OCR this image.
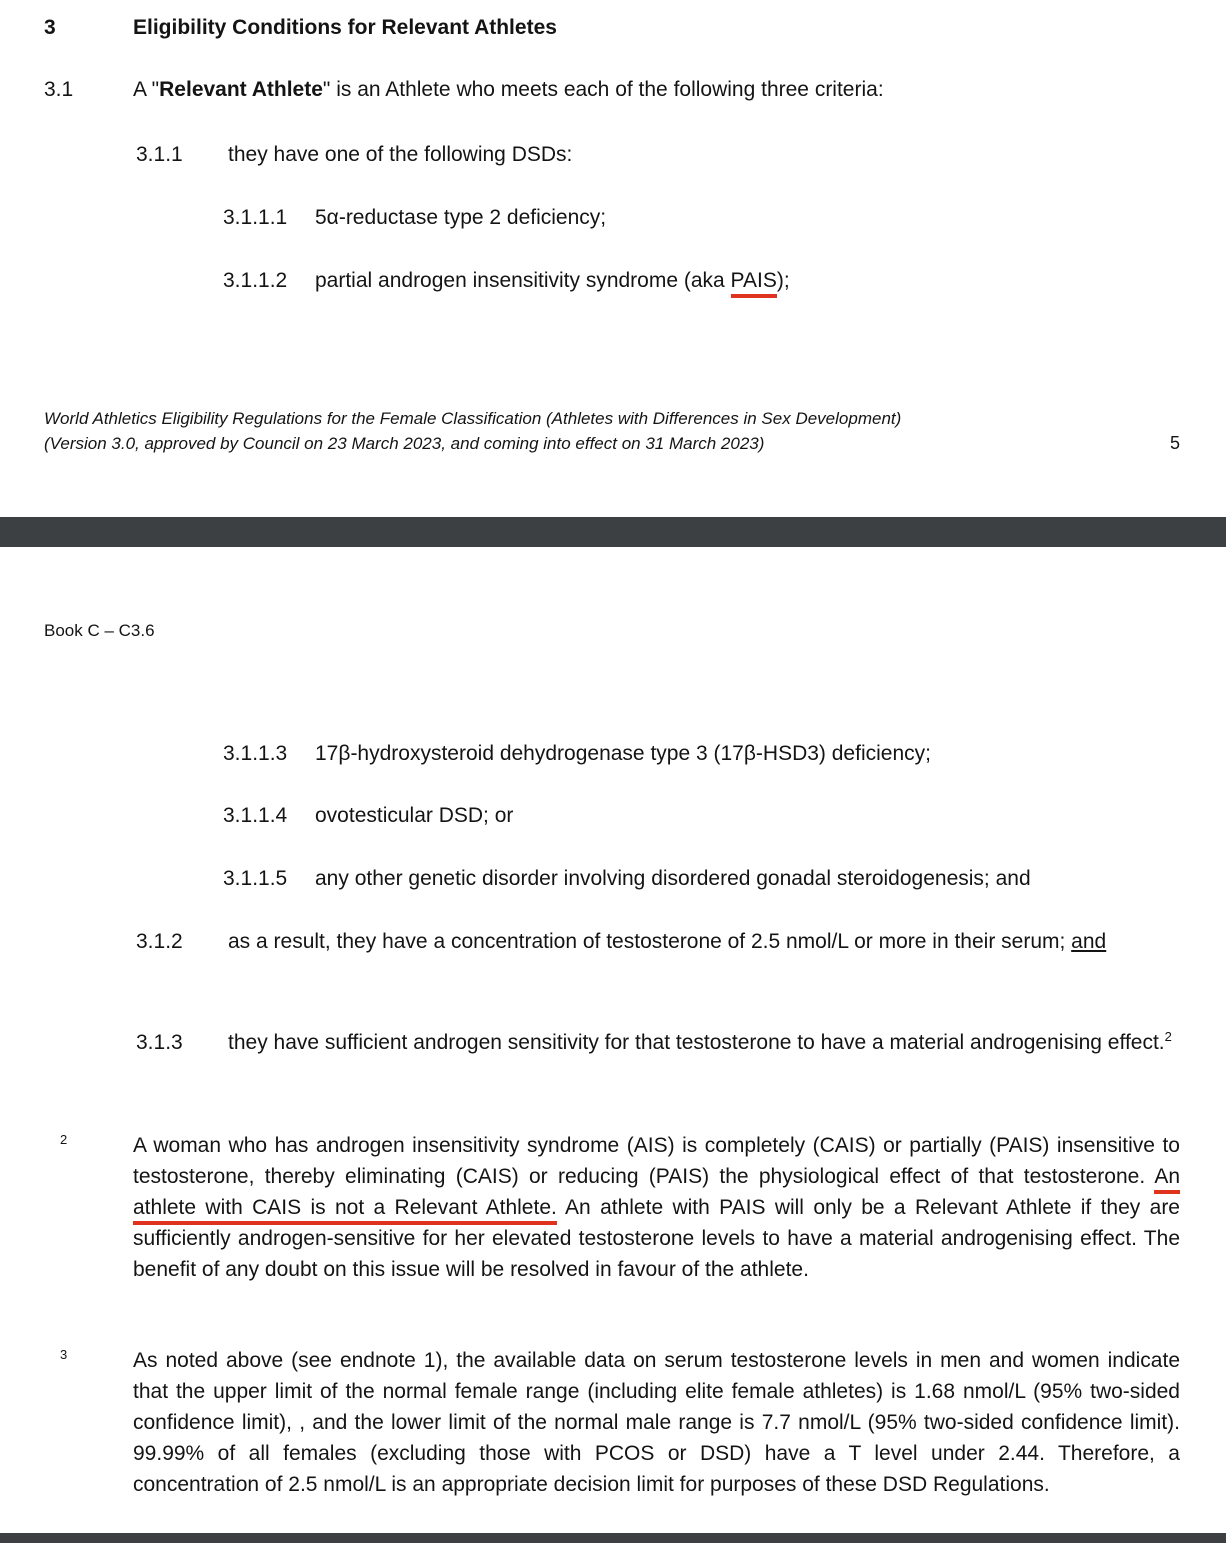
3	Eligibility Conditions for Relevant Athletes
3.1	A "Relevant Athlete" is an Athlete who meets each of the following three criteria:
3.1.1 they have one of the following DSDs:
3.1.1.1 5α-reductase type 2 deficiency;
3.1.1.2 partial androgen insensitivity syndrome (aka PAIS);
World Athletics Eligibility Regulations for the Female Classification (Athletes with Differences in Sex Development)
(Version 3.0, approved by Council on 23 March 2023, and coming into effect on 31 March 2023)	5
Book C – C3.6
3.1.1.3 17β-hydroxysteroid dehydrogenase type 3 (17β-HSD3) deficiency;
3.1.1.4 ovotesticular DSD; or
3.1.1.5 any other genetic disorder involving disordered gonadal steroidogenesis; and
3.1.2 as a result, they have a concentration of testosterone of 2.5 nmol/L or more in their serum; and
3.1.3 they have sufficient androgen sensitivity for that testosterone to have a material androgenising effect.$^2$
2	A woman who has androgen insensitivity syndrome (AIS) is completely (CAIS) or partially (PAIS) insensitive to testosterone, thereby eliminating (CAIS) or reducing (PAIS) the physiological effect of that testosterone. An athlete with CAIS is not a Relevant Athlete. An athlete with PAIS will only be a Relevant Athlete if they are sufficiently androgen-sensitive for her elevated testosterone levels to have a material androgenising effect. The benefit of any doubt on this issue will be resolved in favour of the athlete.
3	As noted above (see endnote 1), the available data on serum testosterone levels in men and women indicate that the upper limit of the normal female range (including elite female athletes) is 1.68 nmol/L (95% two-sided confidence limit), , and the lower limit of the normal male range is 7.7 nmol/L (95% two-sided confidence limit). 99.99% of all females (excluding those with PCOS or DSD) have a T level under 2.44. Therefore, a concentration of 2.5 nmol/L is an appropriate decision limit for purposes of these DSD Regulations.
